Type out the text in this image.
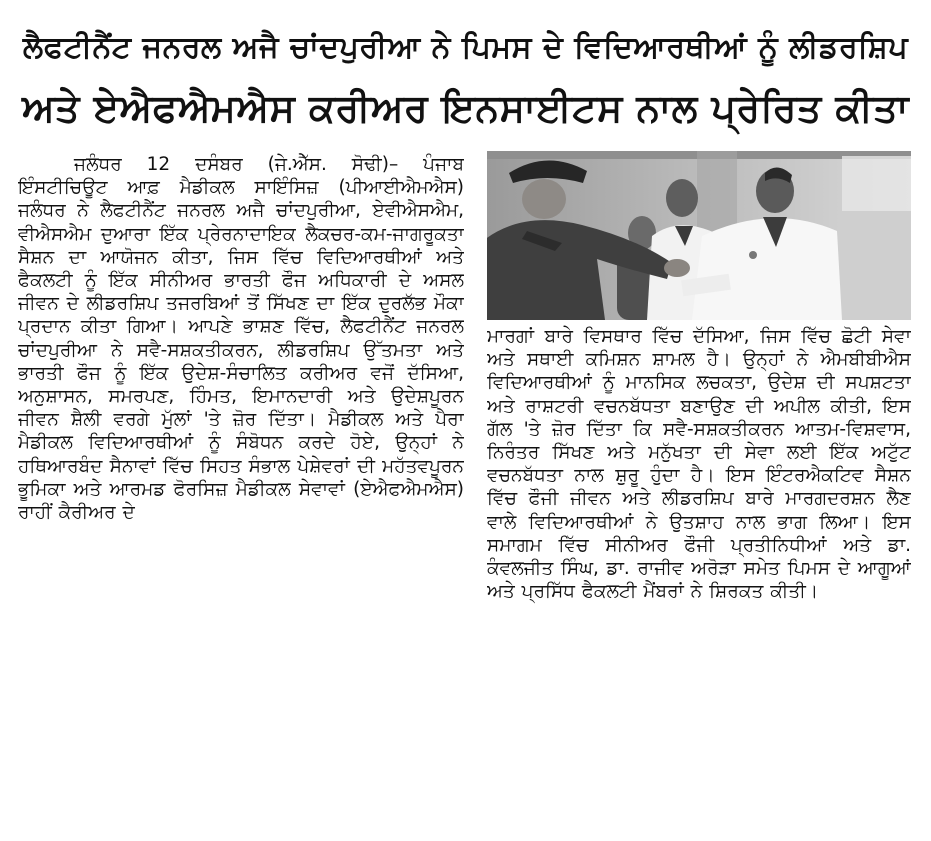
ਲੈਫਟੀਨੈਂਟ ਜਨਰਲ ਅਜੈ ਚਾਂਦਪੁਰੀਆ ਨੇ ਪਿਮਸ ਦੇ ਵਿਦਿਆਰਥੀਆਂ ਨੂੰ ਲੀਡਰਸ਼ਿਪ
ਅਤੇ ਏਐਫਐਮਐਸ ਕਰੀਅਰ ਇਨਸਾਈਟਸ ਨਾਲ ਪ੍ਰੇਰਿਤ ਕੀਤਾ

ਜਲੰਧਰ 12 ਦਸੰਬਰ (ਜੇ.ਐੱਸ. ਸੋਢੀ)– ਪੰਜਾਬ ਇੰਸਟੀਚਿਊਟ ਆਫ਼ ਮੈਡੀਕਲ ਸਾਇੰਸਿਜ਼ (ਪੀਆਈਐਮਐਸ) ਜਲੰਧਰ ਨੇ ਲੈਫਟੀਨੈਂਟ ਜਨਰਲ ਅਜੈ ਚਾਂਦਪੁਰੀਆ, ਏਵੀਐਸਐਮ, ਵੀਐਸਐਮ ਦੁਆਰਾ ਇੱਕ ਪ੍ਰੇਰਨਾਦਾਇਕ ਲੈਕਚਰ-ਕਮ-ਜਾਗਰੂਕਤਾ ਸੈਸ਼ਨ ਦਾ ਆਯੋਜਨ ਕੀਤਾ, ਜਿਸ ਵਿੱਚ ਵਿਦਿਆਰਥੀਆਂ ਅਤੇ ਫੈਕਲਟੀ ਨੂੰ ਇੱਕ ਸੀਨੀਅਰ ਭਾਰਤੀ ਫੌਜ ਅਧਿਕਾਰੀ ਦੇ ਅਸਲ ਜੀਵਨ ਦੇ ਲੀਡਰਸ਼ਿਪ ਤਜਰਬਿਆਂ ਤੋਂ ਸਿੱਖਣ ਦਾ ਇੱਕ ਦੁਰਲੱਭ ਮੌਕਾ ਪ੍ਰਦਾਨ ਕੀਤਾ ਗਿਆ। ਆਪਣੇ ਭਾਸ਼ਣ ਵਿੱਚ, ਲੈਫਟੀਨੈਂਟ ਜਨਰਲ ਚਾਂਦਪੁਰੀਆ ਨੇ ਸਵੈ-ਸਸ਼ਕਤੀਕਰਨ, ਲੀਡਰਸ਼ਿਪ ਉੱਤਮਤਾ ਅਤੇ ਭਾਰਤੀ ਫੌਜ ਨੂੰ ਇੱਕ ਉਦੇਸ਼-ਸੰਚਾਲਿਤ ਕਰੀਅਰ ਵਜੋਂ ਦੱਸਿਆ, ਅਨੁਸ਼ਾਸਨ, ਸਮਰਪਣ, ਹਿੰਮਤ, ਇਮਾਨਦਾਰੀ ਅਤੇ ਉਦੇਸ਼ਪੂਰਨ ਜੀਵਨ ਸ਼ੈਲੀ ਵਰਗੇ ਮੁੱਲਾਂ 'ਤੇ ਜ਼ੋਰ ਦਿੱਤਾ। ਮੈਡੀਕਲ ਅਤੇ ਪੈਰਾ ਮੈਡੀਕਲ ਵਿਦਿਆਰਥੀਆਂ ਨੂੰ ਸੰਬੋਧਨ ਕਰਦੇ ਹੋਏ, ਉਨ੍ਹਾਂ ਨੇ ਹਥਿਆਰਬੰਦ ਸੈਨਾਵਾਂ ਵਿੱਚ ਸਿਹਤ ਸੰਭਾਲ ਪੇਸ਼ੇਵਰਾਂ ਦੀ ਮਹੱਤਵਪੂਰਨ ਭੂਮਿਕਾ ਅਤੇ ਆਰਮਡ ਫੋਰਸਿਜ਼ ਮੈਡੀਕਲ ਸੇਵਾਵਾਂ (ਏਐਫਐਮਐਸ) ਰਾਹੀਂ ਕੈਰੀਅਰ ਦੇ

ਮਾਰਗਾਂ ਬਾਰੇ ਵਿਸਥਾਰ ਵਿੱਚ ਦੱਸਿਆ, ਜਿਸ ਵਿੱਚ ਛੋਟੀ ਸੇਵਾ ਅਤੇ ਸਥਾਈ ਕਮਿਸ਼ਨ ਸ਼ਾਮਲ ਹੈ। ਉਨ੍ਹਾਂ ਨੇ ਐਮਬੀਬੀਐਸ ਵਿਦਿਆਰਥੀਆਂ ਨੂੰ ਮਾਨਸਿਕ ਲਚਕਤਾ, ਉਦੇਸ਼ ਦੀ ਸਪਸ਼ਟਤਾ ਅਤੇ ਰਾਸ਼ਟਰੀ ਵਚਨਬੱਧਤਾ ਬਣਾਉਣ ਦੀ ਅਪੀਲ ਕੀਤੀ, ਇਸ ਗੱਲ 'ਤੇ ਜ਼ੋਰ ਦਿੱਤਾ ਕਿ ਸਵੈ-ਸਸ਼ਕਤੀਕਰਨ ਆਤਮ-ਵਿਸ਼ਵਾਸ, ਨਿਰੰਤਰ ਸਿੱਖਣ ਅਤੇ ਮਨੁੱਖਤਾ ਦੀ ਸੇਵਾ ਲਈ ਇੱਕ ਅਟੁੱਟ ਵਚਨਬੱਧਤਾ ਨਾਲ ਸ਼ੁਰੂ ਹੁੰਦਾ ਹੈ। ਇਸ ਇੰਟਰਐਕਟਿਵ ਸੈਸ਼ਨ ਵਿੱਚ ਫੌਜੀ ਜੀਵਨ ਅਤੇ ਲੀਡਰਸ਼ਿਪ ਬਾਰੇ ਮਾਰਗਦਰਸ਼ਨ ਲੈਣ ਵਾਲੇ ਵਿਦਿਆਰਥੀਆਂ ਨੇ ਉਤਸ਼ਾਹ ਨਾਲ ਭਾਗ ਲਿਆ। ਇਸ ਸਮਾਗਮ ਵਿੱਚ ਸੀਨੀਅਰ ਫੌਜੀ ਪ੍ਰਤੀਨਿਧੀਆਂ ਅਤੇ ਡਾ. ਕੰਵਲਜੀਤ ਸਿੰਘ, ਡਾ. ਰਾਜੀਵ ਅਰੋੜਾ ਸਮੇਤ ਪਿਮਸ ਦੇ ਆਗੂਆਂ ਅਤੇ ਪ੍ਰਸਿੱਧ ਫੈਕਲਟੀ ਮੈਂਬਰਾਂ ਨੇ ਸ਼ਿਰਕਤ ਕੀਤੀ।
